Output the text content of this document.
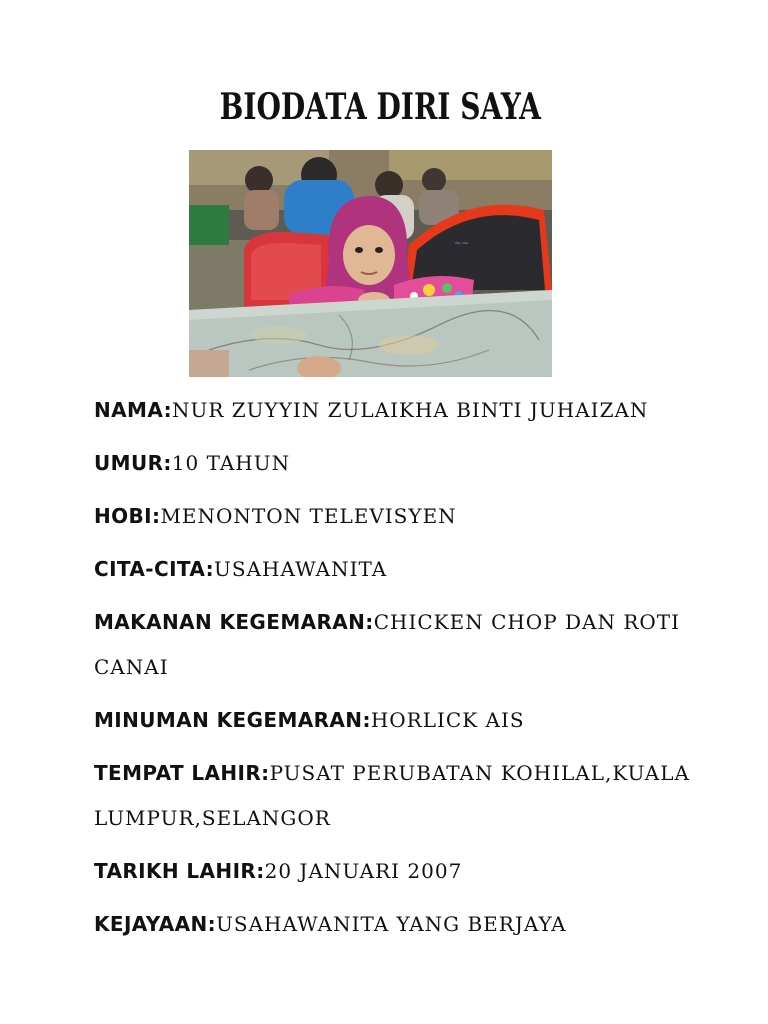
BIODATA DIRI SAYA
~~
NAMA:NUR ZUYYIN ZULAIKHA BINTI JUHAIZAN
UMUR:10 TAHUN
HOBI:MENONTON TELEVISYEN
CITA-CITA:USAHAWANITA
MAKANAN KEGEMARAN:CHICKEN CHOP DAN ROTI CANAI
MINUMAN KEGEMARAN:HORLICK AIS
TEMPAT LAHIR:PUSAT PERUBATAN KOHILAL,KUALA LUMPUR,SELANGOR
TARIKH LAHIR:20 JANUARI 2007
KEJAYAAN:USAHAWANITA YANG BERJAYA
